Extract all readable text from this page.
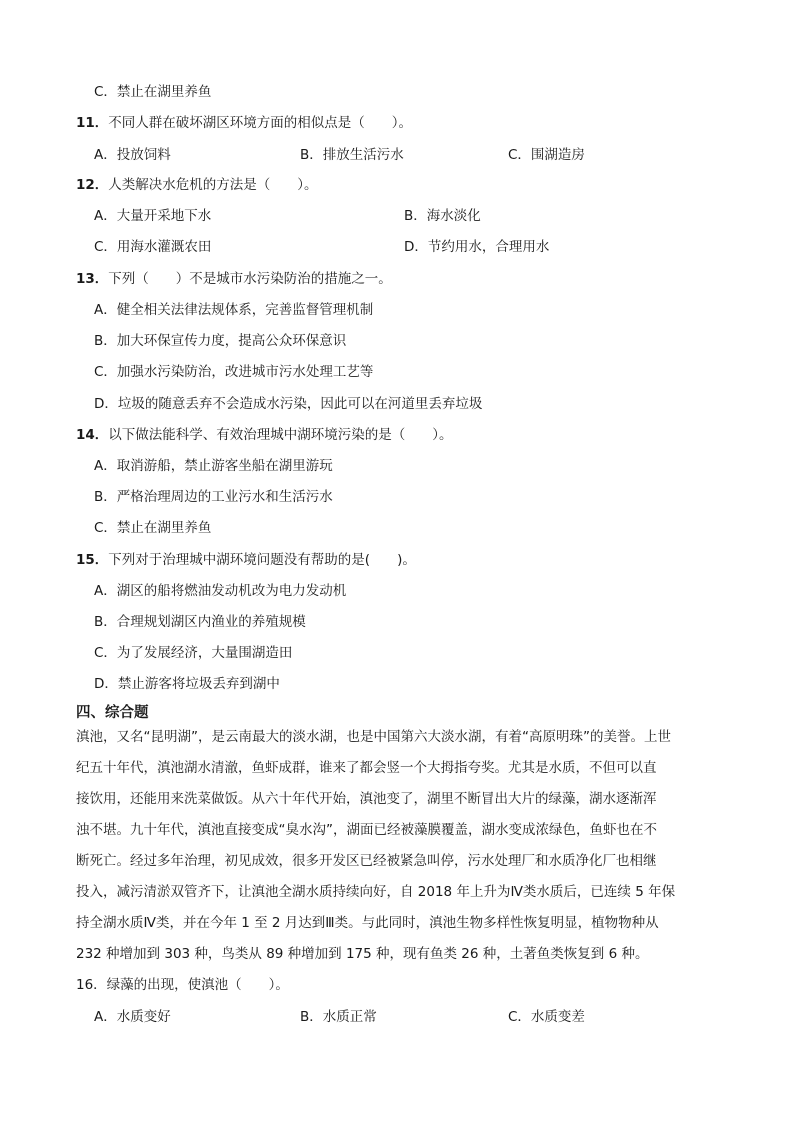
C．禁止在湖里养鱼
11．不同人群在破坏湖区环境方面的相似点是（　　）。
A．投放饲料	B．排放生活污水	C．围湖造房
12．人类解决水危机的方法是（　　）。
A．大量开采地下水	B．海水淡化
C．用海水灌溉农田	D．节约用水，合理用水
13．下列（　　）不是城市水污染防治的措施之一。
A．健全相关法律法规体系，完善监督管理机制
B．加大环保宣传力度，提高公众环保意识
C．加强水污染防治，改进城市污水处理工艺等
D．垃圾的随意丢弃不会造成水污染，因此可以在河道里丢弃垃圾
14．以下做法能科学、有效治理城中湖环境污染的是（　　）。
A．取消游船，禁止游客坐船在湖里游玩
B．严格治理周边的工业污水和生活污水
C．禁止在湖里养鱼
15．下列对于治理城中湖环境问题没有帮助的是(　　)。
A．湖区的船将燃油发动机改为电力发动机
B．合理规划湖区内渔业的养殖规模
C．为了发展经济，大量围湖造田
D．禁止游客将垃圾丢弃到湖中
四、综合题
滇池，又名“昆明湖”，是云南最大的淡水湖，也是中国第六大淡水湖，有着“高原明珠”的美誉。上世
纪五十年代，滇池湖水清澈，鱼虾成群，谁来了都会竖一个大拇指夸奖。尤其是水质，不但可以直
接饮用，还能用来洗菜做饭。从六十年代开始，滇池变了，湖里不断冒出大片的绿藻，湖水逐渐浑
浊不堪。九十年代，滇池直接变成“臭水沟”，湖面已经被藻膜覆盖，湖水变成浓绿色，鱼虾也在不
断死亡。经过多年治理，初见成效，很多开发区已经被紧急叫停，污水处理厂和水质净化厂也相继
投入，减污清淤双管齐下，让滇池全湖水质持续向好，自 2018 年上升为Ⅳ类水质后，已连续 5 年保
持全湖水质Ⅳ类，并在今年 1 至 2 月达到Ⅲ类。与此同时，滇池生物多样性恢复明显，植物物种从
232 种增加到 303 种，鸟类从 89 种增加到 175 种，现有鱼类 26 种，土著鱼类恢复到 6 种。
16．绿藻的出现，使滇池（　　）。
A．水质变好	B．水质正常	C．水质变差
